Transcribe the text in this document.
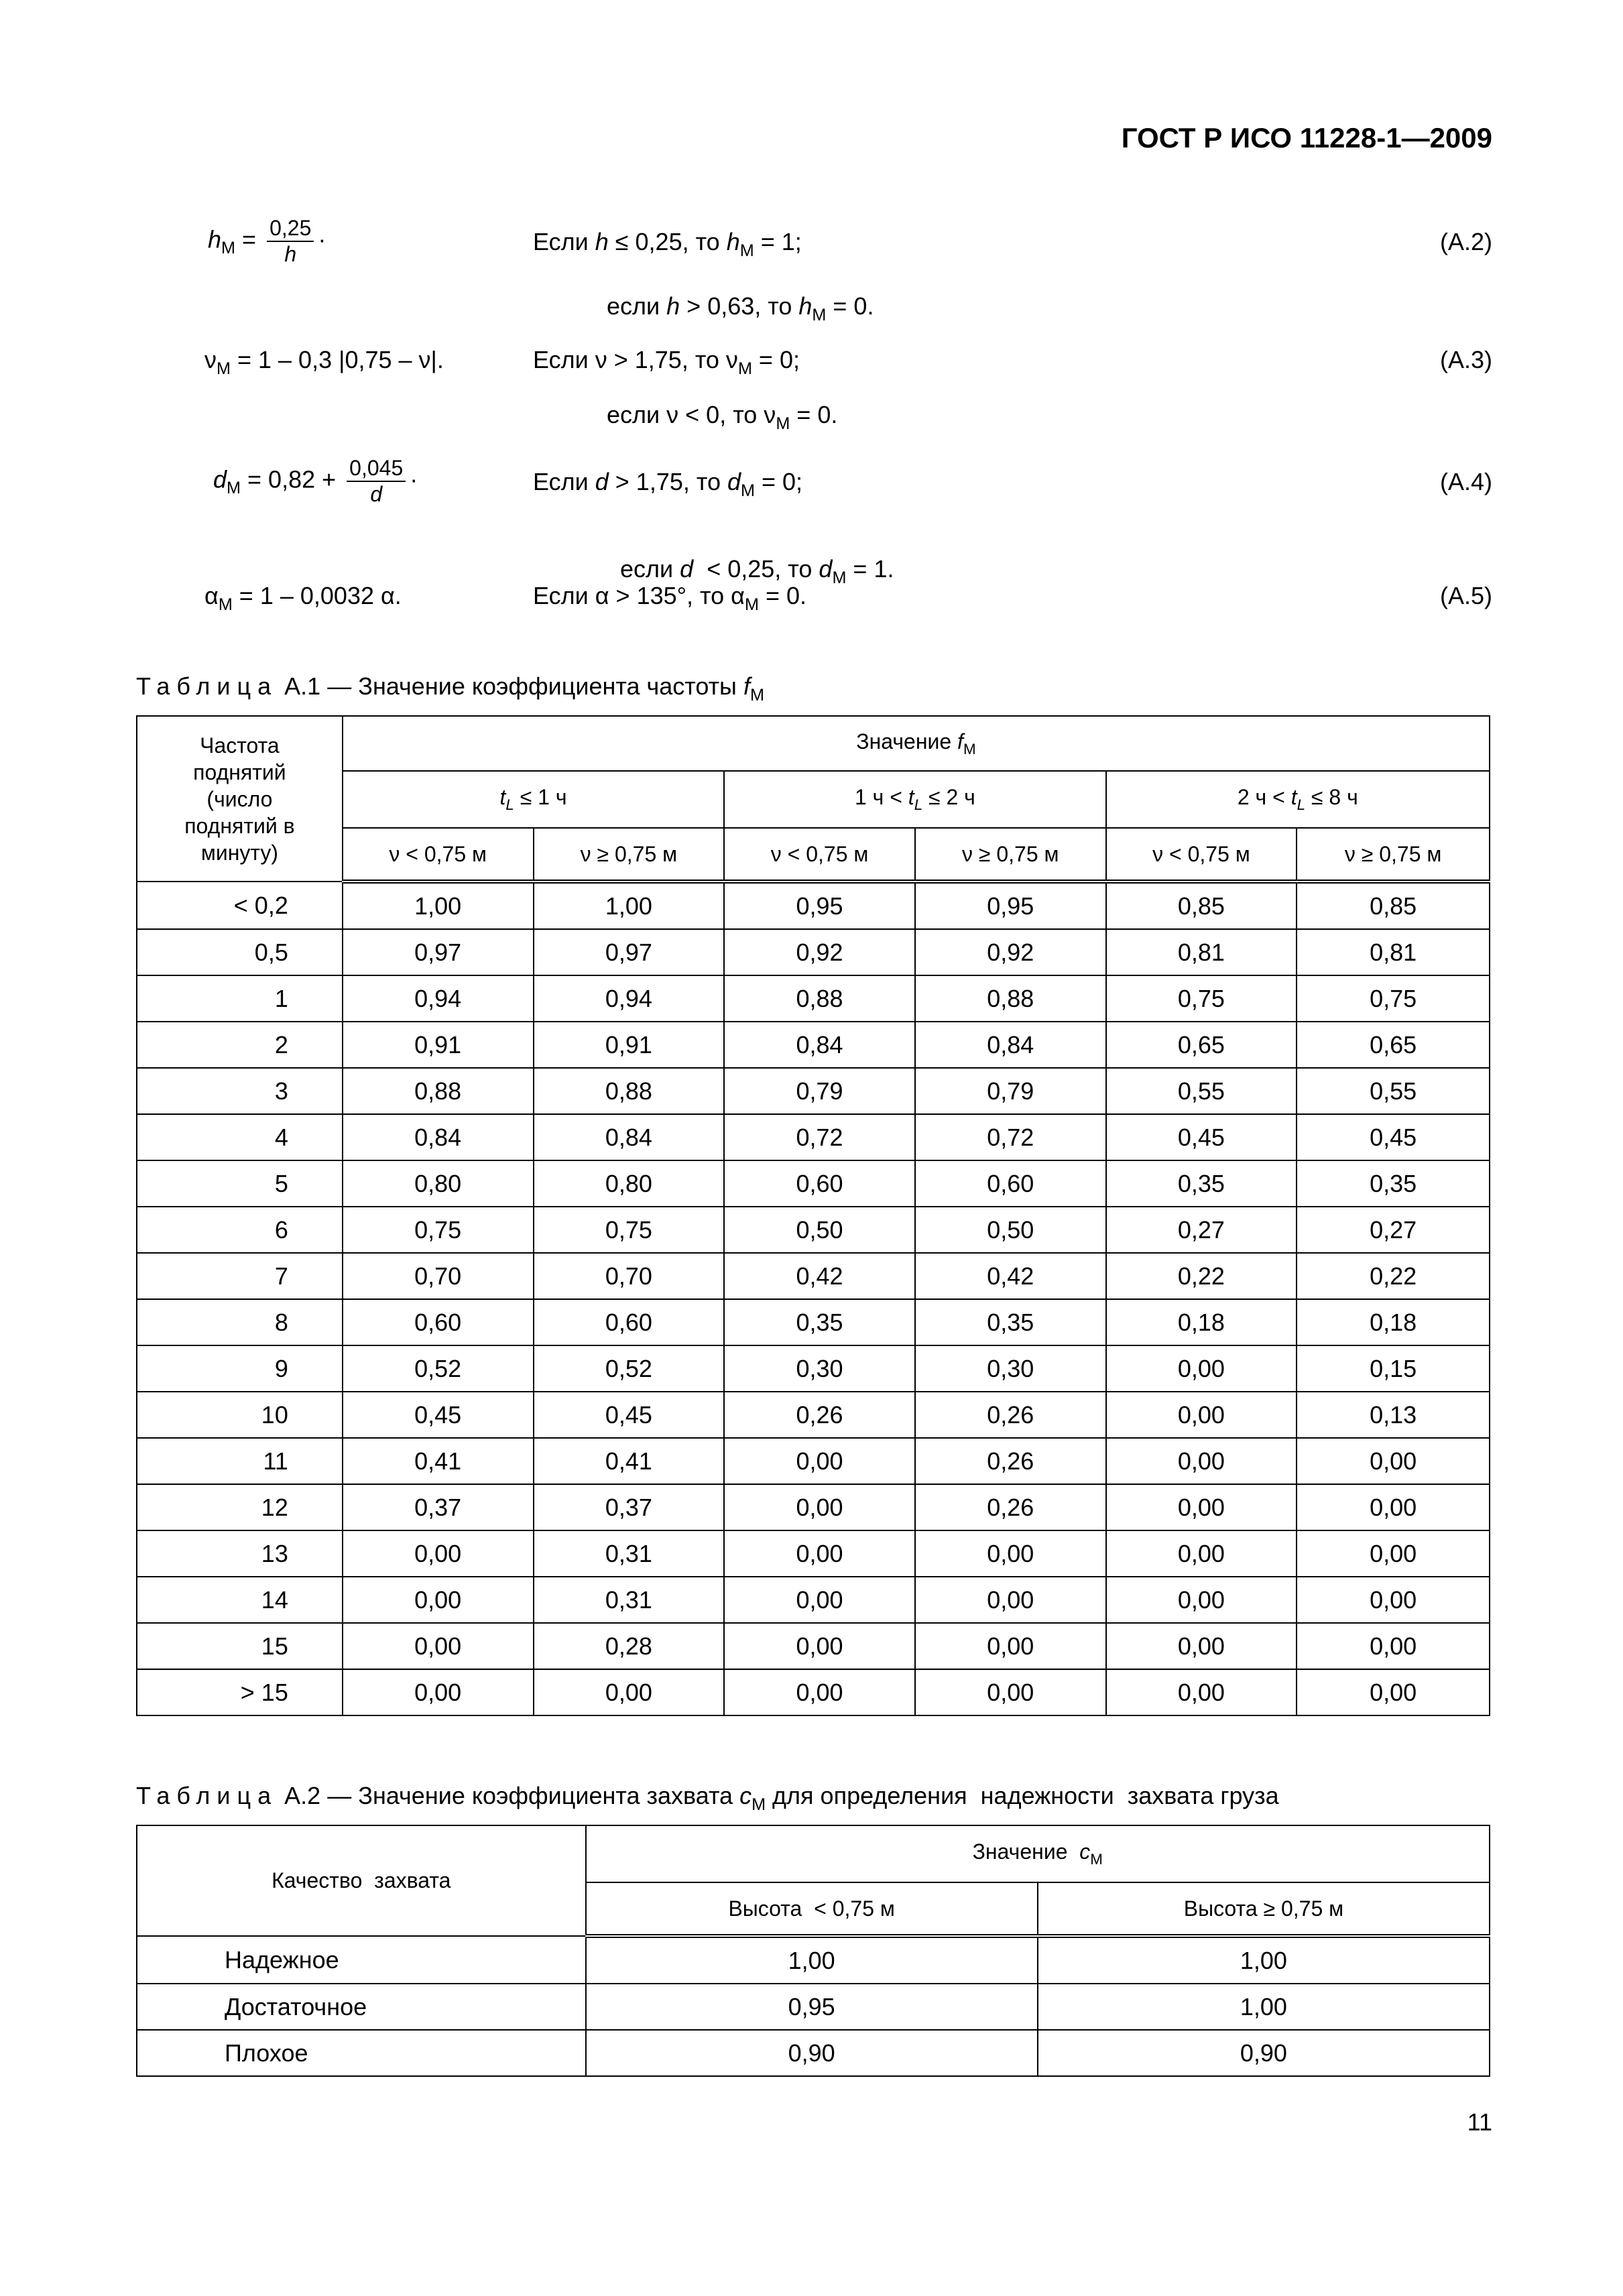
ГОСТ Р ИСО 11228-1—2009
$h_M = \frac{0,25}{h}$ ·	Если h ≤ 0,25, то $h_M = 1$;	(А.2)
если h > 0,63, то $h_M = 0$.
$\nu_M = 1 - 0,3$ |0,75 – ν|.	Если ν > 1,75, то $\nu_M = 0$;	(А.3)
если ν < 0, то $\nu_M = 0$.
$d_M = 0,82 + \frac{0,045}{d}$ ·	Если d > 1,75, то $d_M = 0$;	(А.4)

если d  < 0,25, то $d_M = 1$.

$\alpha_M = 1 - 0,0032$ α.	Если α > 135°, то $\alpha_M = 0$.	(А.5)
Таблица А.1 — Значение коэффициента частоты $f_M$
Частота поднятий (число поднятий в минуту)	Значение $f_M$
	$t_L \le 1$ ч		1 $ч < t_L \le 2$ ч		2 $ч < t_L \le 8$ ч	
	ν < 0,75 м	ν ≥ 0,75 м	ν < 0,75 м	ν ≥ 0,75 м	ν < 0,75 м	ν ≥ 0,75 м
< 0,2	1,00	1,00	0,95	0,95	0,85	0,85
0,5	0,97	0,97	0,92	0,92	0,81	0,81
1	0,94	0,94	0,88	0,88	0,75	0,75
2	0,91	0,91	0,84	0,84	0,65	0,65
3	0,88	0,88	0,79	0,79	0,55	0,55
4	0,84	0,84	0,72	0,72	0,45	0,45
5	0,80	0,80	0,60	0,60	0,35	0,35
6	0,75	0,75	0,50	0,50	0,27	0,27
7	0,70	0,70	0,42	0,42	0,22	0,22
8	0,60	0,60	0,35	0,35	0,18	0,18
9	0,52	0,52	0,30	0,30	0,00	0,15
10	0,45	0,45	0,26	0,26	0,00	0,13
11	0,41	0,41	0,00	0,26	0,00	0,00
12	0,37	0,37	0,00	0,26	0,00	0,00
13	0,00	0,31	0,00	0,00	0,00	0,00
14	0,00	0,31	0,00	0,00	0,00	0,00
15	0,00	0,28	0,00	0,00	0,00	0,00
> 15	0,00	0,00	0,00	0,00	0,00	0,00
Таблица А.2 — Значение коэффициента захвата $c_M$ для определения  надежности  захвата груза
Качество  захвата	Значение  $c_M$
	Высота  < 0,75 м	Высота ≥ 0,75 м
Надежное	1,00	1,00
Достаточное	0,95	1,00
Плохое	0,90	0,90
11
